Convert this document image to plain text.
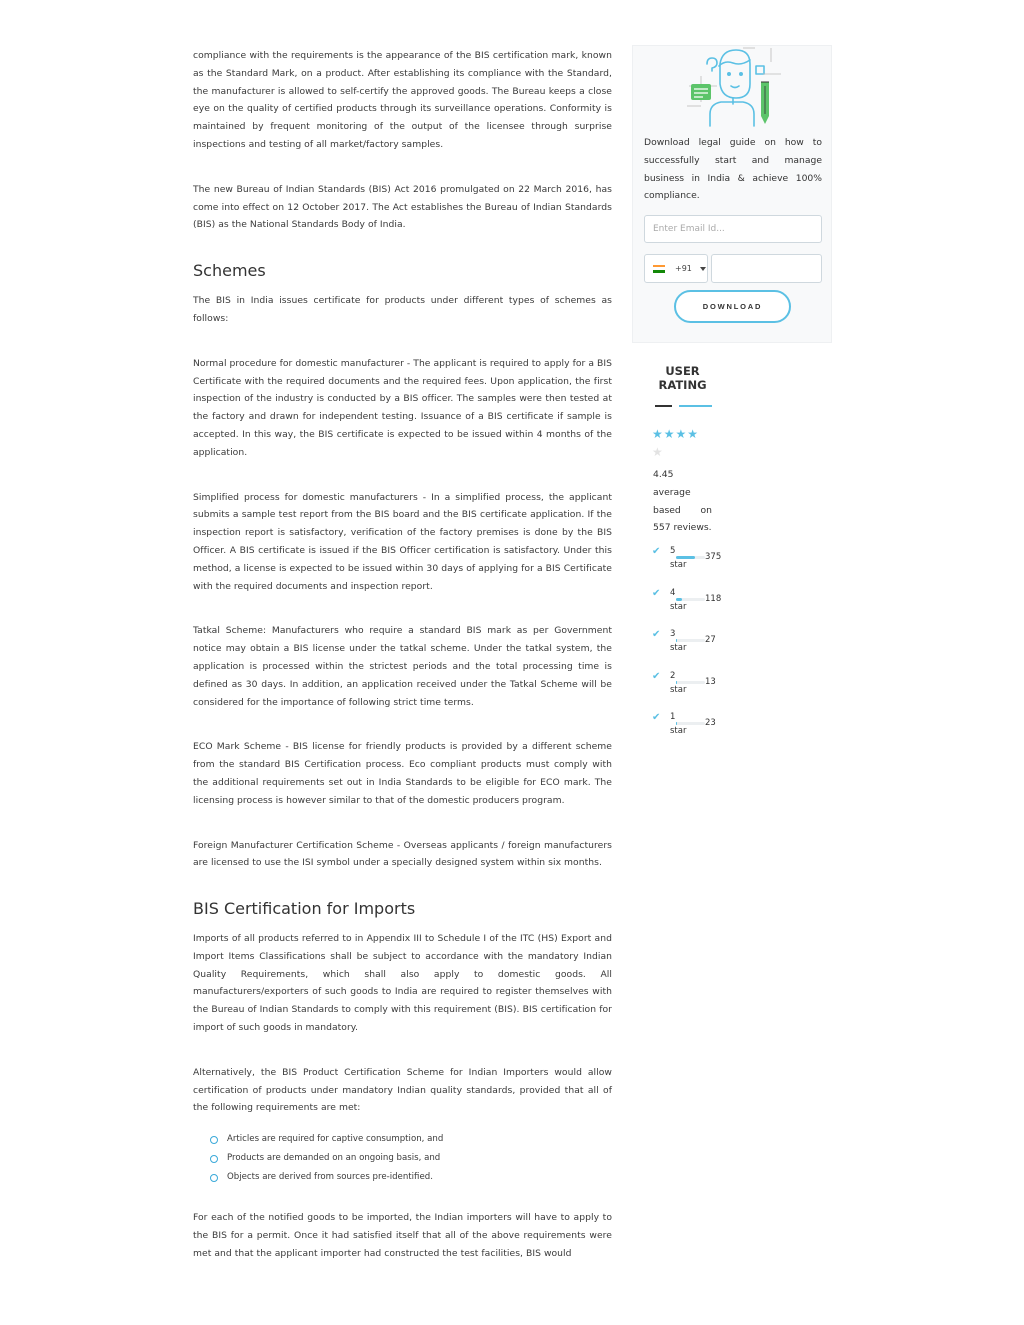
compliance with the requirements is the appearance of the BIS certification mark, known as the Standard Mark, on a product. After establishing its compliance with the Standard, the manufacturer is allowed to self-certify the approved goods. The Bureau keeps a close eye on the quality of certified products through its surveillance operations. Conformity is maintained by frequent monitoring of the output of the licensee through surprise inspections and testing of all market/factory samples.

The new Bureau of Indian Standards (BIS) Act 2016 promulgated on 22 March 2016, has come into effect on 12 October 2017. The Act establishes the Bureau of Indian Standards (BIS) as the National Standards Body of India.

Schemes

The BIS in India issues certificate for products under different types of schemes as follows:

Normal procedure for domestic manufacturer - The applicant is required to apply for a BIS Certificate with the required documents and the required fees. Upon application, the first inspection of the industry is conducted by a BIS officer. The samples were then tested at the factory and drawn for independent testing. Issuance of a BIS certificate if sample is accepted. In this way, the BIS certificate is expected to be issued within 4 months of the application.

Simplified process for domestic manufacturers - In a simplified process, the applicant submits a sample test report from the BIS board and the BIS certificate application. If the inspection report is satisfactory, verification of the factory premises is done by the BIS Officer. A BIS certificate is issued if the BIS Officer certification is satisfactory. Under this method, a license is expected to be issued within 30 days of applying for a BIS Certificate with the required documents and inspection report.

Tatkal Scheme: Manufacturers who require a standard BIS mark as per Government notice may obtain a BIS license under the tatkal scheme. Under the tatkal system, the application is processed within the strictest periods and the total processing time is defined as 30 days. In addition, an application received under the Tatkal Scheme will be considered for the importance of following strict time terms.

ECO Mark Scheme - BIS license for friendly products is provided by a different scheme from the standard BIS Certification process. Eco compliant products must comply with the additional requirements set out in India Standards to be eligible for ECO mark. The licensing process is however similar to that of the domestic producers program.

Foreign Manufacturer Certification Scheme - Overseas applicants / foreign manufacturers are licensed to use the ISI symbol under a specially designed system within six months.

BIS Certification for Imports

Imports of all products referred to in Appendix III to Schedule I of the ITC (HS) Export and Import Items Classifications shall be subject to accordance with the mandatory Indian Quality Requirements, which shall also apply to domestic goods. All manufacturers/exporters of such goods to India are required to register themselves with the Bureau of Indian Standards to comply with this requirement (BIS). BIS certification for import of such goods in mandatory.

Alternatively, the BIS Product Certification Scheme for Indian Importers would allow certification of products under mandatory Indian quality standards, provided that all of the following requirements are met:

Articles are required for captive consumption, and
Products are demanded on an ongoing basis, and
Objects are derived from sources pre-identified.

For each of the notified goods to be imported, the Indian importers will have to apply to the BIS for a permit. Once it had satisfied itself that all of the above requirements were met and that the applicant importer had constructed the test facilities, BIS would

Download legal guide on how to successfully start and manage business in India & achieve 100% compliance.
Enter Email Id...
+91
DOWNLOAD
USER RATING
★★★★
★
4.45 average based on 557 reviews.
✔ 5
star
375
✔ 4
star
118
✔ 3
star
27
✔ 2
star
13
✔ 1
star
23
